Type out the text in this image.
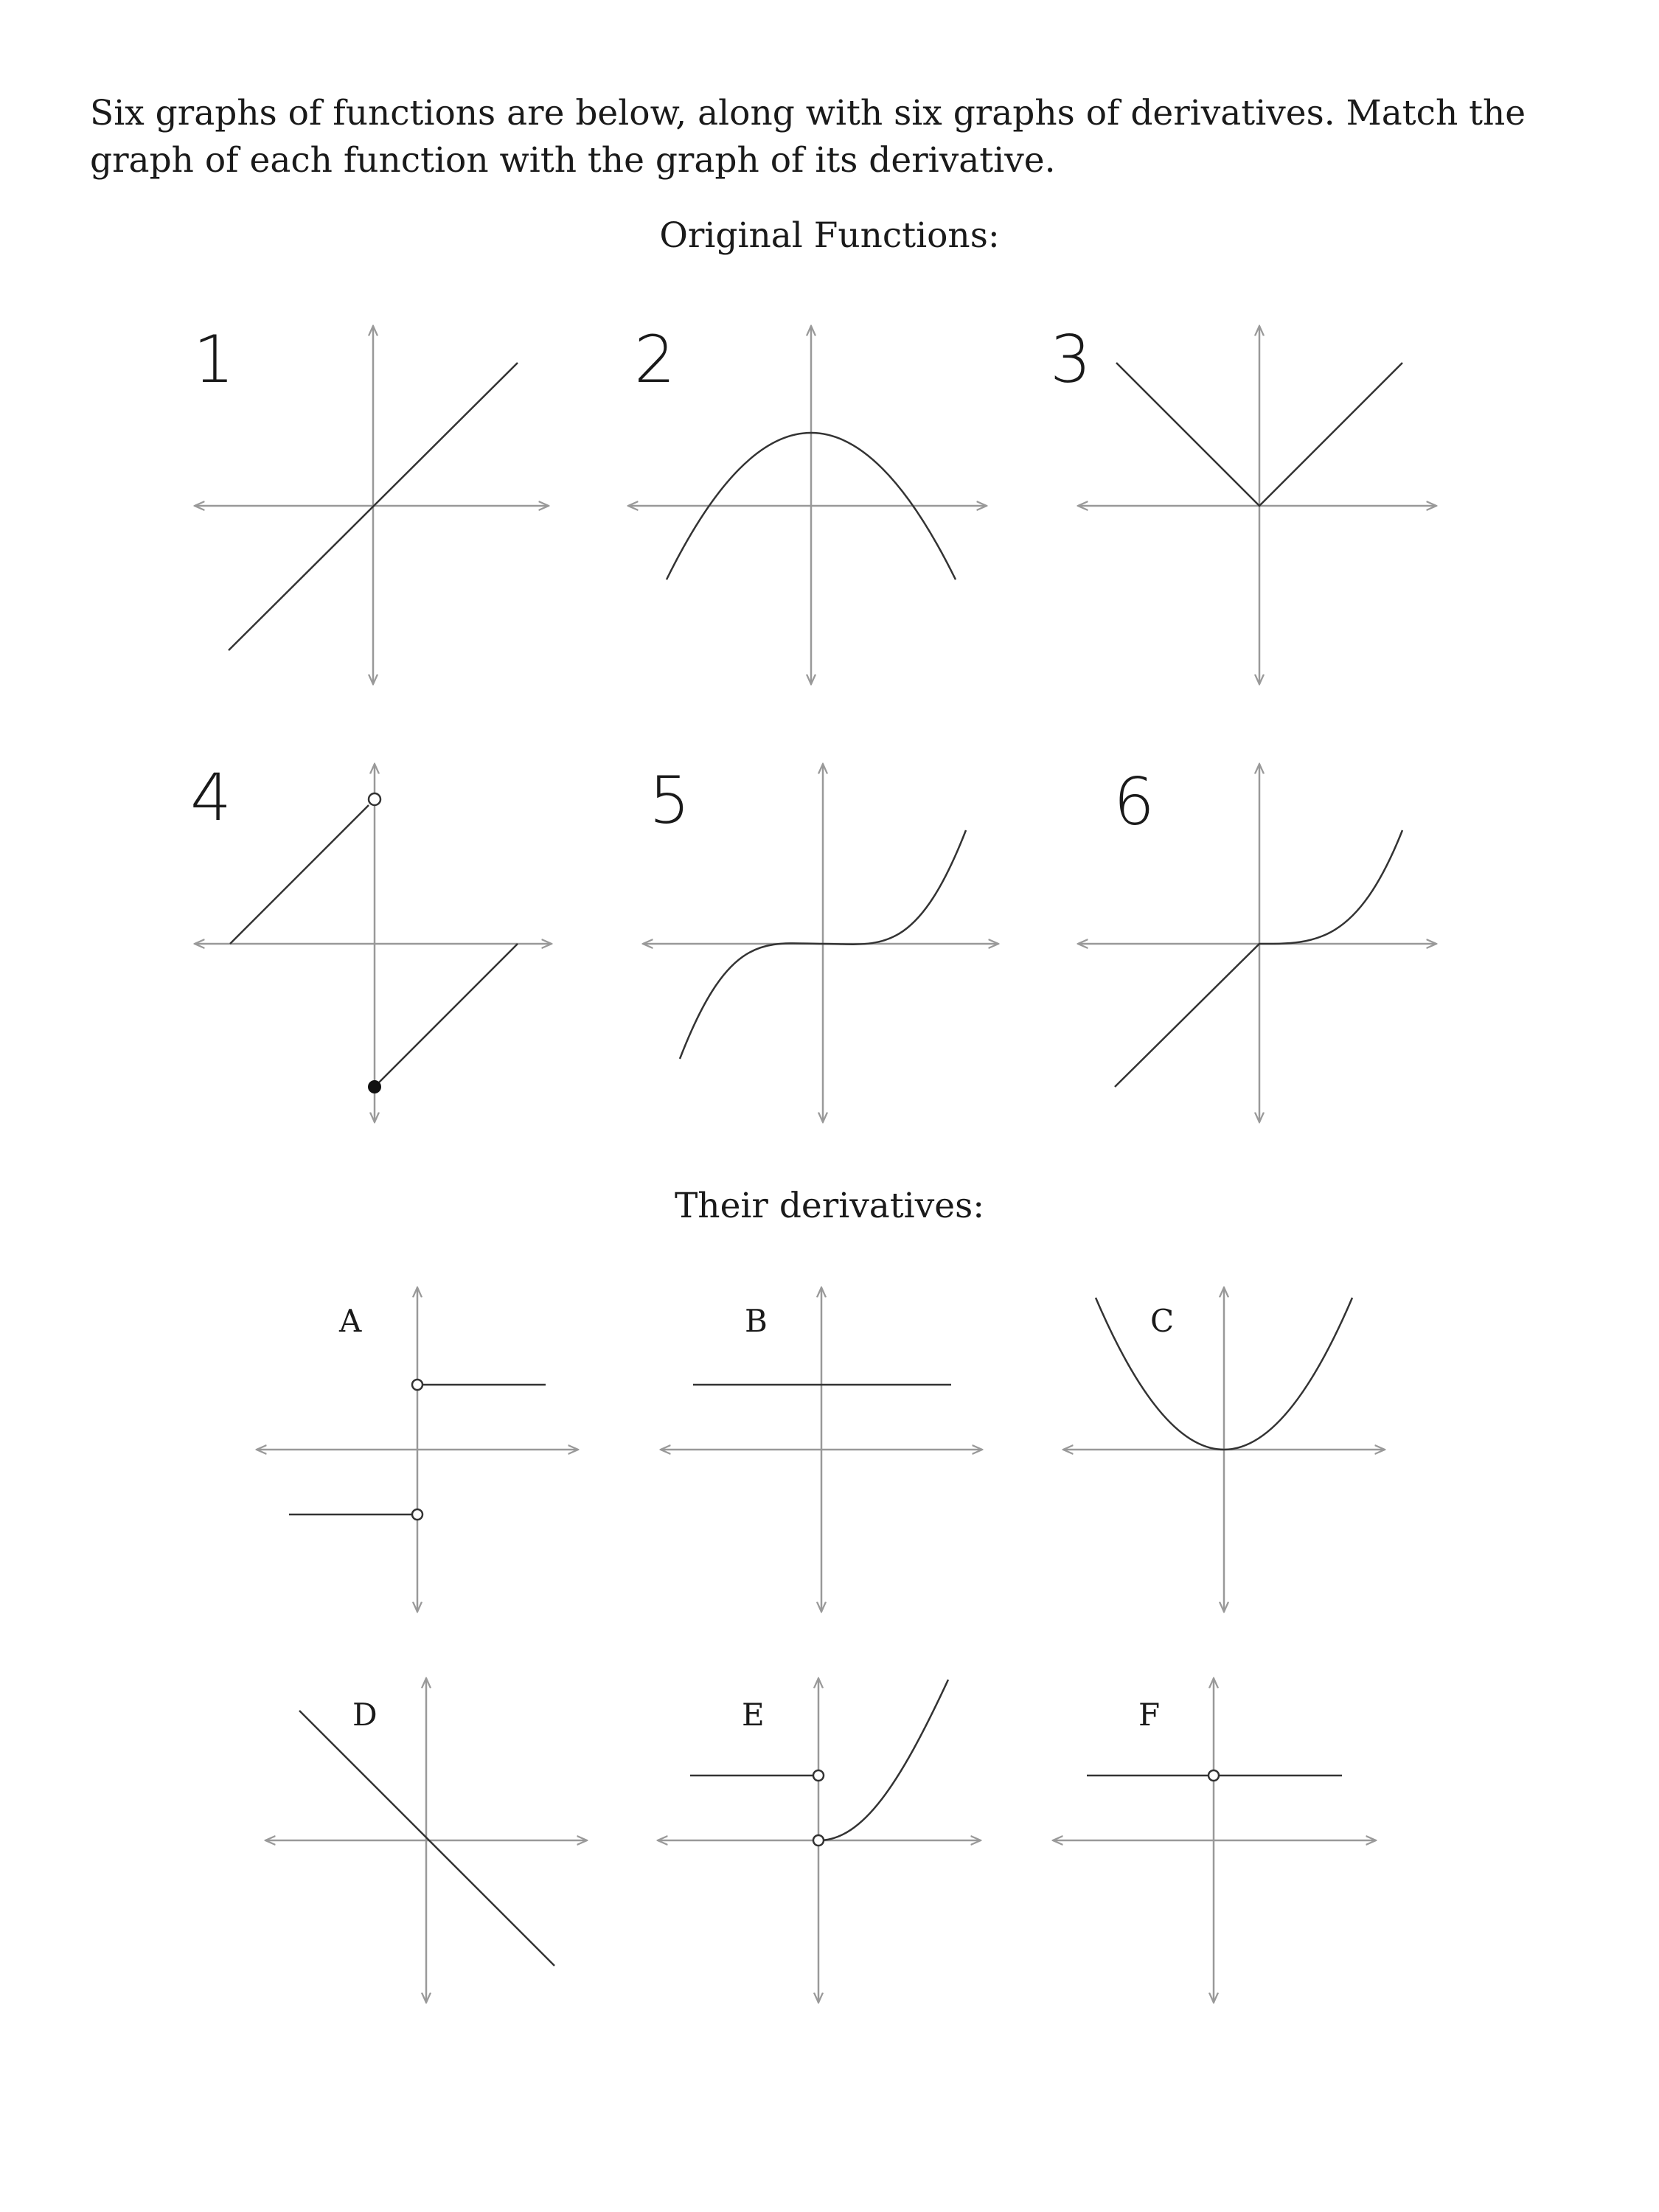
Six graphs of functions are below, along with six graphs of derivatives. Match the graph of each function with the graph of its derivative.
Original Functions:
Their derivatives:
1	2	3
4	5	6
A	B	C
D	E	F
